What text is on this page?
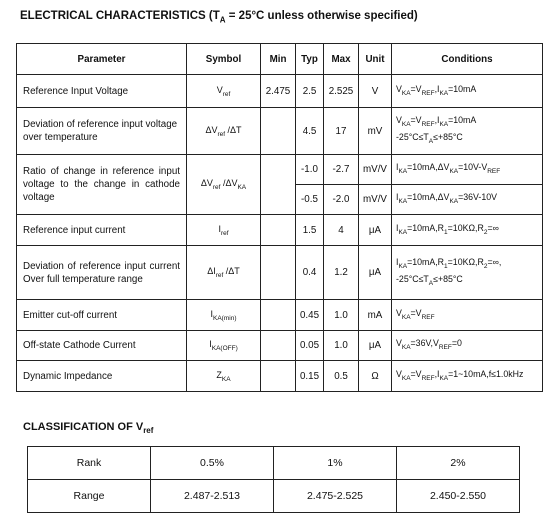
ELECTRICAL CHARACTERISTICS ($T_A = 25^\circ C$ unless otherwise specified)
Parameter	Symbol	Min	Typ	Max	Unit	Conditions
Reference Input Voltage	$V_{ref}$	2.475	2.5	2.525	V	$V_{KA}=V_{REF},I_{KA}=10mA$
Deviation of reference input voltage over temperature	$\Delta V_{ref}$ /ΔT		4.5	17	mV	$V_{KA}=V_{REF},I_{KA}=10mA$
$-25^\circ C\le T_A\le+85^\circ C$
Ratio of change in reference input voltage to the change in cathode voltage	$\Delta V_{ref}$ $/\Delta V_{KA}$		-1.0	-2.7	mV/V	$I_{KA}=10mA,\Delta V_{KA}=10V-V_{REF}$
			-0.5	-2.0	mV/V	$I_{KA}=10mA,\Delta V_{KA}=36V-10V$
Reference input current	$I_{ref}$		1.5	4	μA	$I_{KA}=10mA,R_1=10K\Omega,R_2=\infty$
Deviation of reference input current Over full temperature range	$\Delta I_{ref}$ /ΔT		0.4	1.2	μA	$I_{KA}=10mA,R_1=10K\Omega,R_2=\infty$,
$-25^\circ C\le T_A\le+85^\circ C$
Emitter cut-off current	$I_{KA(min)}$		0.45	1.0	mA	$V_{KA}=V_{REF}$
Off-state Cathode Current	$I_{KA(OFF)}$		0.05	1.0	μA	$V_{KA}=36V,V_{REF}=0$
Dynamic Impedance	$Z_{KA}$		0.15	0.5	Ω	$V_{KA}=V_{REF},I_{KA}=1\sim 10mA,f\le 1.0kHz$
CLASSIFICATION OF $V_{ref}$
Rank	0.5%	1%	2%
Range	2.487-2.513	2.475-2.525	2.450-2.550
